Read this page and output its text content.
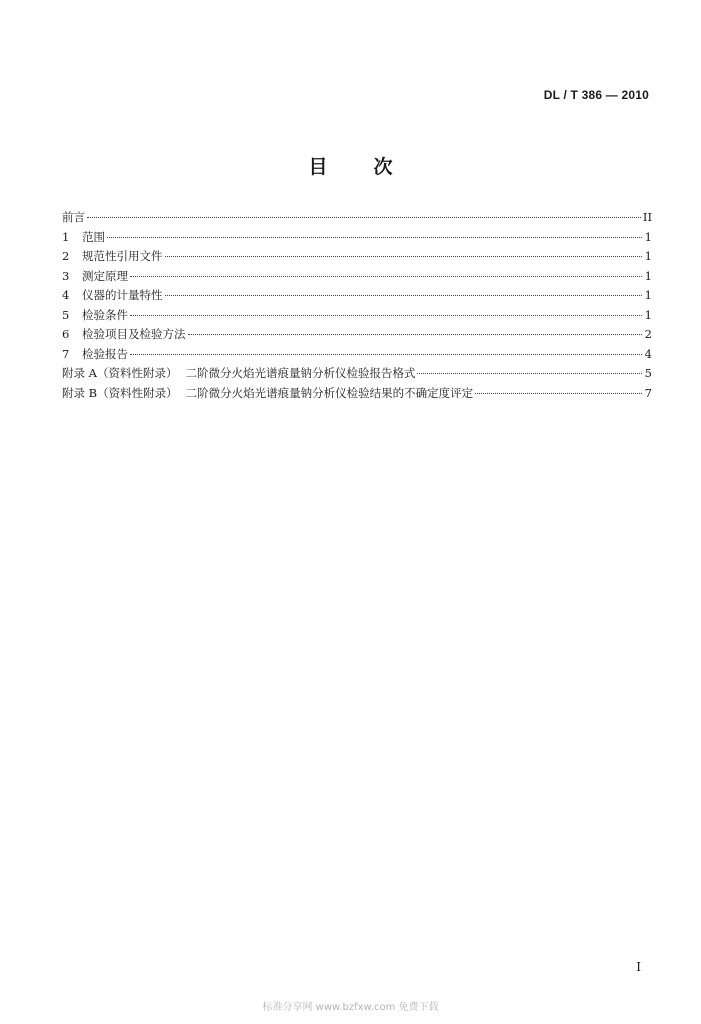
DL / T 386 — 2010
目 次
前言	II
1	范围	1
2	规范性引用文件	1
3	测定原理	1
4	仪器的计量特性	1
5	检验条件	1
6	检验项目及检验方法	2
7	检验报告	4
附录 A（资料性附录） 二阶微分火焰光谱痕量钠分析仪检验报告格式	5
附录 B（资料性附录） 二阶微分火焰光谱痕量钠分析仪检验结果的不确定度评定	7
I
标准分享网 www.bzfxw.com 免费下载
